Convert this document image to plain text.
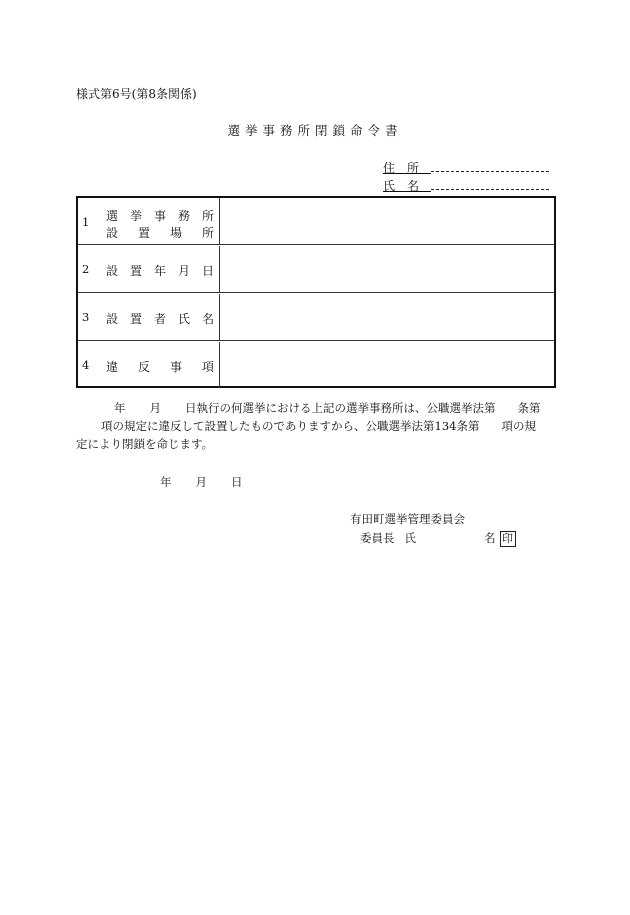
様式第6号(第8条関係)
選挙事務所閉鎖命令書
住所
氏名
1 選挙事務所
設置場所
2 設置年月日
3 設置者氏名
4 違反事項
年 月 日執行の何選挙における上記の選挙事務所は、公職選挙法第 条第
項の規定に違反して設置したものでありますから、公職選挙法第134条第 項の規
定により閉鎖を命じます。
年 月 日
有田町選挙管理委員会
委員長 氏	名 印
